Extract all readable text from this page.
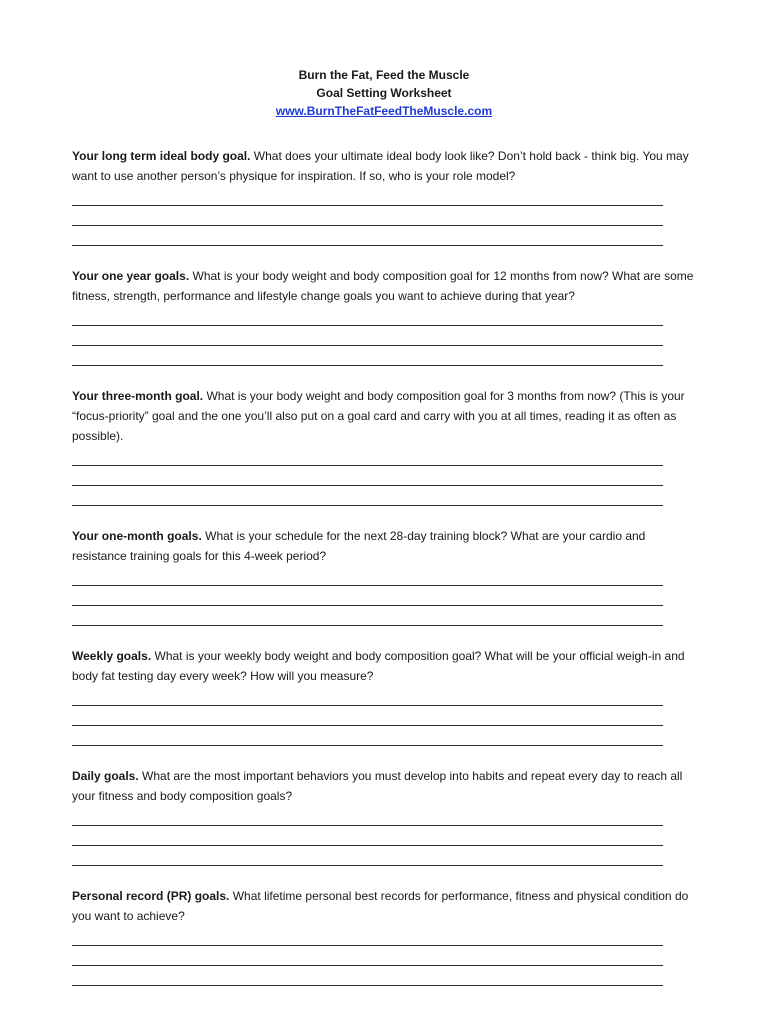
Burn the Fat, Feed the Muscle
Goal Setting Worksheet
www.BurnTheFatFeedTheMuscle.com

Your long term ideal body goal. What does your ultimate ideal body look like? Don’t hold back - think big. You may want to use another person’s physique for inspiration. If so, who is your role model?

Your one year goals. What is your body weight and body composition goal for 12 months from now? What are some fitness, strength, performance and lifestyle change goals you want to achieve during that year?

Your three-month goal. What is your body weight and body composition goal for 3 months from now? (This is your “focus-priority” goal and the one you’ll also put on a goal card and carry with you at all times, reading it as often as possible).

Your one-month goals. What is your schedule for the next 28-day training block? What are your cardio and resistance training goals for this 4-week period?

Weekly goals. What is your weekly body weight and body composition goal? What will be your official weigh-in and body fat testing day every week? How will you measure?

Daily goals. What are the most important behaviors you must develop into habits and repeat every day to reach all your fitness and body composition goals?

Personal record (PR) goals. What lifetime personal best records for performance, fitness and physical condition do you want to achieve?
